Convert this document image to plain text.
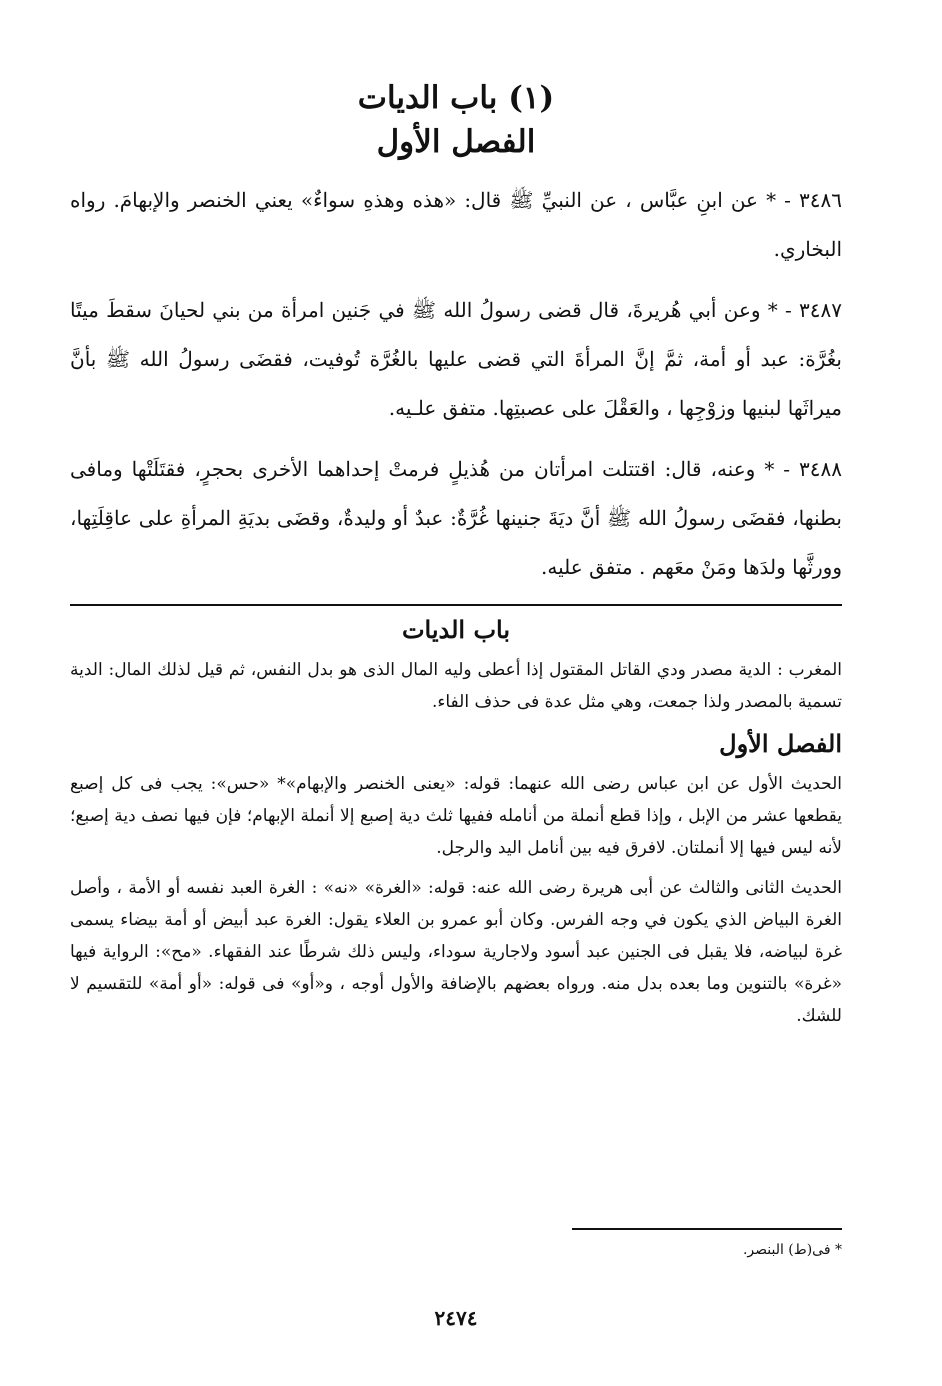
(١) باب الديات
الفصل الأول

٣٤٨٦ - * عن ابنِ عبَّاس ، عن النبيِّ ﷺ قال: «هذه وهذهِ سواءٌ» يعني الخنصر والإبهامَ. رواه البخاري.

٣٤٨٧ - * وعن أبي هُريرةَ، قال قضى رسولُ الله ﷺ في جَنين امرأة من بني لحيانَ سقطَ ميتًا بغُرَّة: عبد أو أمة، ثمَّ إنَّ المرأةَ التي قضى عليها بالغُرَّة تُوفيت، فقضَى رسولُ الله ﷺ بأنَّ ميراثَها لبنيها وزوْجِها ، والعَقْلَ على عصبتِها. متفق علـيه.

٣٤٨٨ - * وعنه، قال: اقتتلت امرأتان من هُذيلٍ فرمتْ إحداهما الأخرى بحجرٍ، فقتَلَتْها ومافى بطنها، فقضَى رسولُ الله ﷺ أنَّ ديَةَ جنينها غُرَّةٌ: عبدٌ أو وليدةٌ، وقضَى بديَةِ المرأةِ على عاقِلَتِها، وورثَّها ولدَها ومَنْ معَهم . متفق عليه.

باب الديات

المغرب : الدية مصدر ودي القاتل المقتول إذا أعطى وليه المال الذى هو بدل النفس، ثم قيل لذلك المال: الدية تسمية بالمصدر ولذا جمعت، وهي مثل عدة فى حذف الفاء.

الفصل الأول

الحديث الأول عن ابن عباس رضى الله عنهما: قوله: «يعنى الخنصر والإبهام»* «حس»: يجب فى كل إصبع يقطعها عشر من الإبل ، وإذا قطع أنملة من أنامله ففيها ثلث دية إصبع إلا أنملة الإبهام؛ فإن فيها نصف دية إصبع؛ لأنه ليس فيها إلا أنملتان. لافرق فيه بين أنامل اليد والرجل.

الحديث الثانى والثالث عن أبى هريرة رضى الله عنه: قوله: «الغرة» «نه» : الغرة العبد نفسه أو الأمة ، وأصل الغرة البياض الذي يكون في وجه الفرس. وكان أبو عمرو بن العلاء يقول: الغرة عبد أبيض أو أمة بيضاء يسمى غرة لبياضه، فلا يقبل فى الجنين عبد أسود ولاجارية سوداء، وليس ذلك شرطًا عند الفقهاء. «مح»: الرواية فيها «غرة» بالتنوين وما بعده بدل منه. ورواه بعضهم بالإضافة والأول أوجه ، و«أو» فى قوله: «أو أمة» للتقسيم لا للشك.

* فى(ط) البنصر.
٢٤٧٤
